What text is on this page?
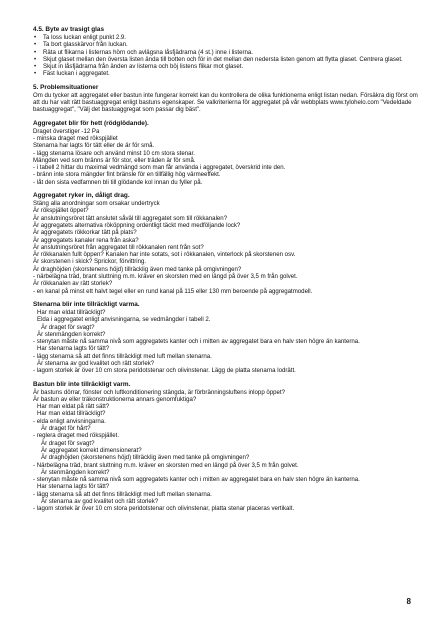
4.5. Byte av trasigt glas

• Ta loss luckan enligt punkt 2.9.
• Ta bort glasskärvor från luckan.
• Räta ut flikarna i listernas hörn och avlägsna låsfjädrarna (4 st.) inne i listerna.
• Skjut glaset mellan den översta listen ända till botten och för in det mellan den nedersta listen genom att flytta glaset. Centrera glaset.
• Skjut in låsfjädrarna från änden av listerna och böj listens flikar mot glaset.
• Fäst luckan i aggregatet.

5. Problemsituationer

Om du tycker att aggregatet eller bastun inte fungerar korrekt kan du kontrollera de olika funktionerna enligt listan nedan. Försäkra dig först om att du har valt rätt bastuaggregat enligt bastuns egenskaper. Se valkriterierna för aggregatet på vår webbplats www.tylohelo.com "Vedeldade bastuaggregat", "Välj det bastuaggregat som passar dig bäst".

Aggregatet blir för hett (rödglödande).

Draget överstiger -12 Pa

- minska draget med rökspjället

Stenarna har lagts för tätt eller de är för små.

- lägg stenarna lösare och använd minst 10 cm stora stenar.

Mängden ved som bränns är för stor, eller träden är för små.

- i tabell 2 hittar du maximal vedmängd som man får använda i aggregatet, överskrid inte den.

- bränn inte stora mängder fint bränsle för en tillfällig hög värmeeffekt.

- låt den sista vedfamnen bli till glödande kol innan du fyller på.

Aggregatet ryker in, dåligt drag.

Stäng alla anordningar som orsakar undertryck

Är rökspjället öppet?

Är anslutningsröret tätt anslutet såväl till aggregatet som till rökkanalen?

Är aggregatets alternativa rököppning ordentligt täckt med medföljande lock?

Är aggregatets rökkorkar tätt på plats?

Är aggregatets kanaler rena från aska?

Är anslutningsröret från aggregatet till rökkanalen rent från sot?

Är rökkanalen fullt öppen? Kanalen har inte sotats, sot i rökkanalen, vinterlock på skorstenen osv.

Är skorstenen i skick? Sprickor, förvittring.

Är draghöjden (skorstenens höjd) tillräcklig även med tanke på omgivningen?

- närbelägna träd, brant sluttning m.m. kräver en skorsten med en längd på över 3,5 m från golvet.

Är rökkanalen av rätt storlek?

- en kanal på minst ett halvt tegel eller en rund kanal på 115 eller 130 mm beroende på aggregatmodell.

Stenarna blir inte tillräckligt varma.

Har man eldat tillräckligt?

Elda i aggregatet enligt anvisningarna, se vedmängder i tabell 2.

Är draget för svagt?

Är stenmängden korrekt?

- stenytan måste nå samma nivå som aggregatets kanter och i mitten av aggregatet bara en halv sten högre än kanterna.

Har stenarna lagts för tätt?

- lägg stenarna så att det finns tillräckligt med luft mellan stenarna.

Är stenarna av god kvalitet och rätt storlek?

- lagom storlek är över 10 cm stora peridotstenar och olivinstenar. Lägg de platta stenarna lodrätt.

Bastun blir inte tillräckligt varm.

Är bastuns dörrar, fönster och luftkonditionering stängda, är förbränningsluftens inlopp öppet?

Är bastun av eller träkonstruktionerna annars genomfuktiga?

Har man eldat på rätt sätt?

Har man eldat tillräckligt?

- elda enligt anvisningarna.

Är draget för hårt?

- reglera draget med rökspjället.

Är draget för svagt?

Är aggregatet korrekt dimensionerat?

Är draghöjden (skorstenens höjd) tillräcklig även med tanke på omgivningen?

- Närbelägna träd, brant sluttning m.m. kräver en skorsten med en längd på över 3,5 m från golvet.

Är stenmängden korrekt?

- stenytan måste nå samma nivå som aggregatets kanter och i mitten av aggregatet bara en halv sten högre än kanterna.

Har stenarna lagts för tätt?

- lägg stenarna så att det finns tillräckligt med luft mellan stenarna.

Är stenarna av god kvalitet och rätt storlek?

- lagom storlek är över 10 cm stora peridotstenar och olivinstenar, platta stenar placeras vertikalt.

8
